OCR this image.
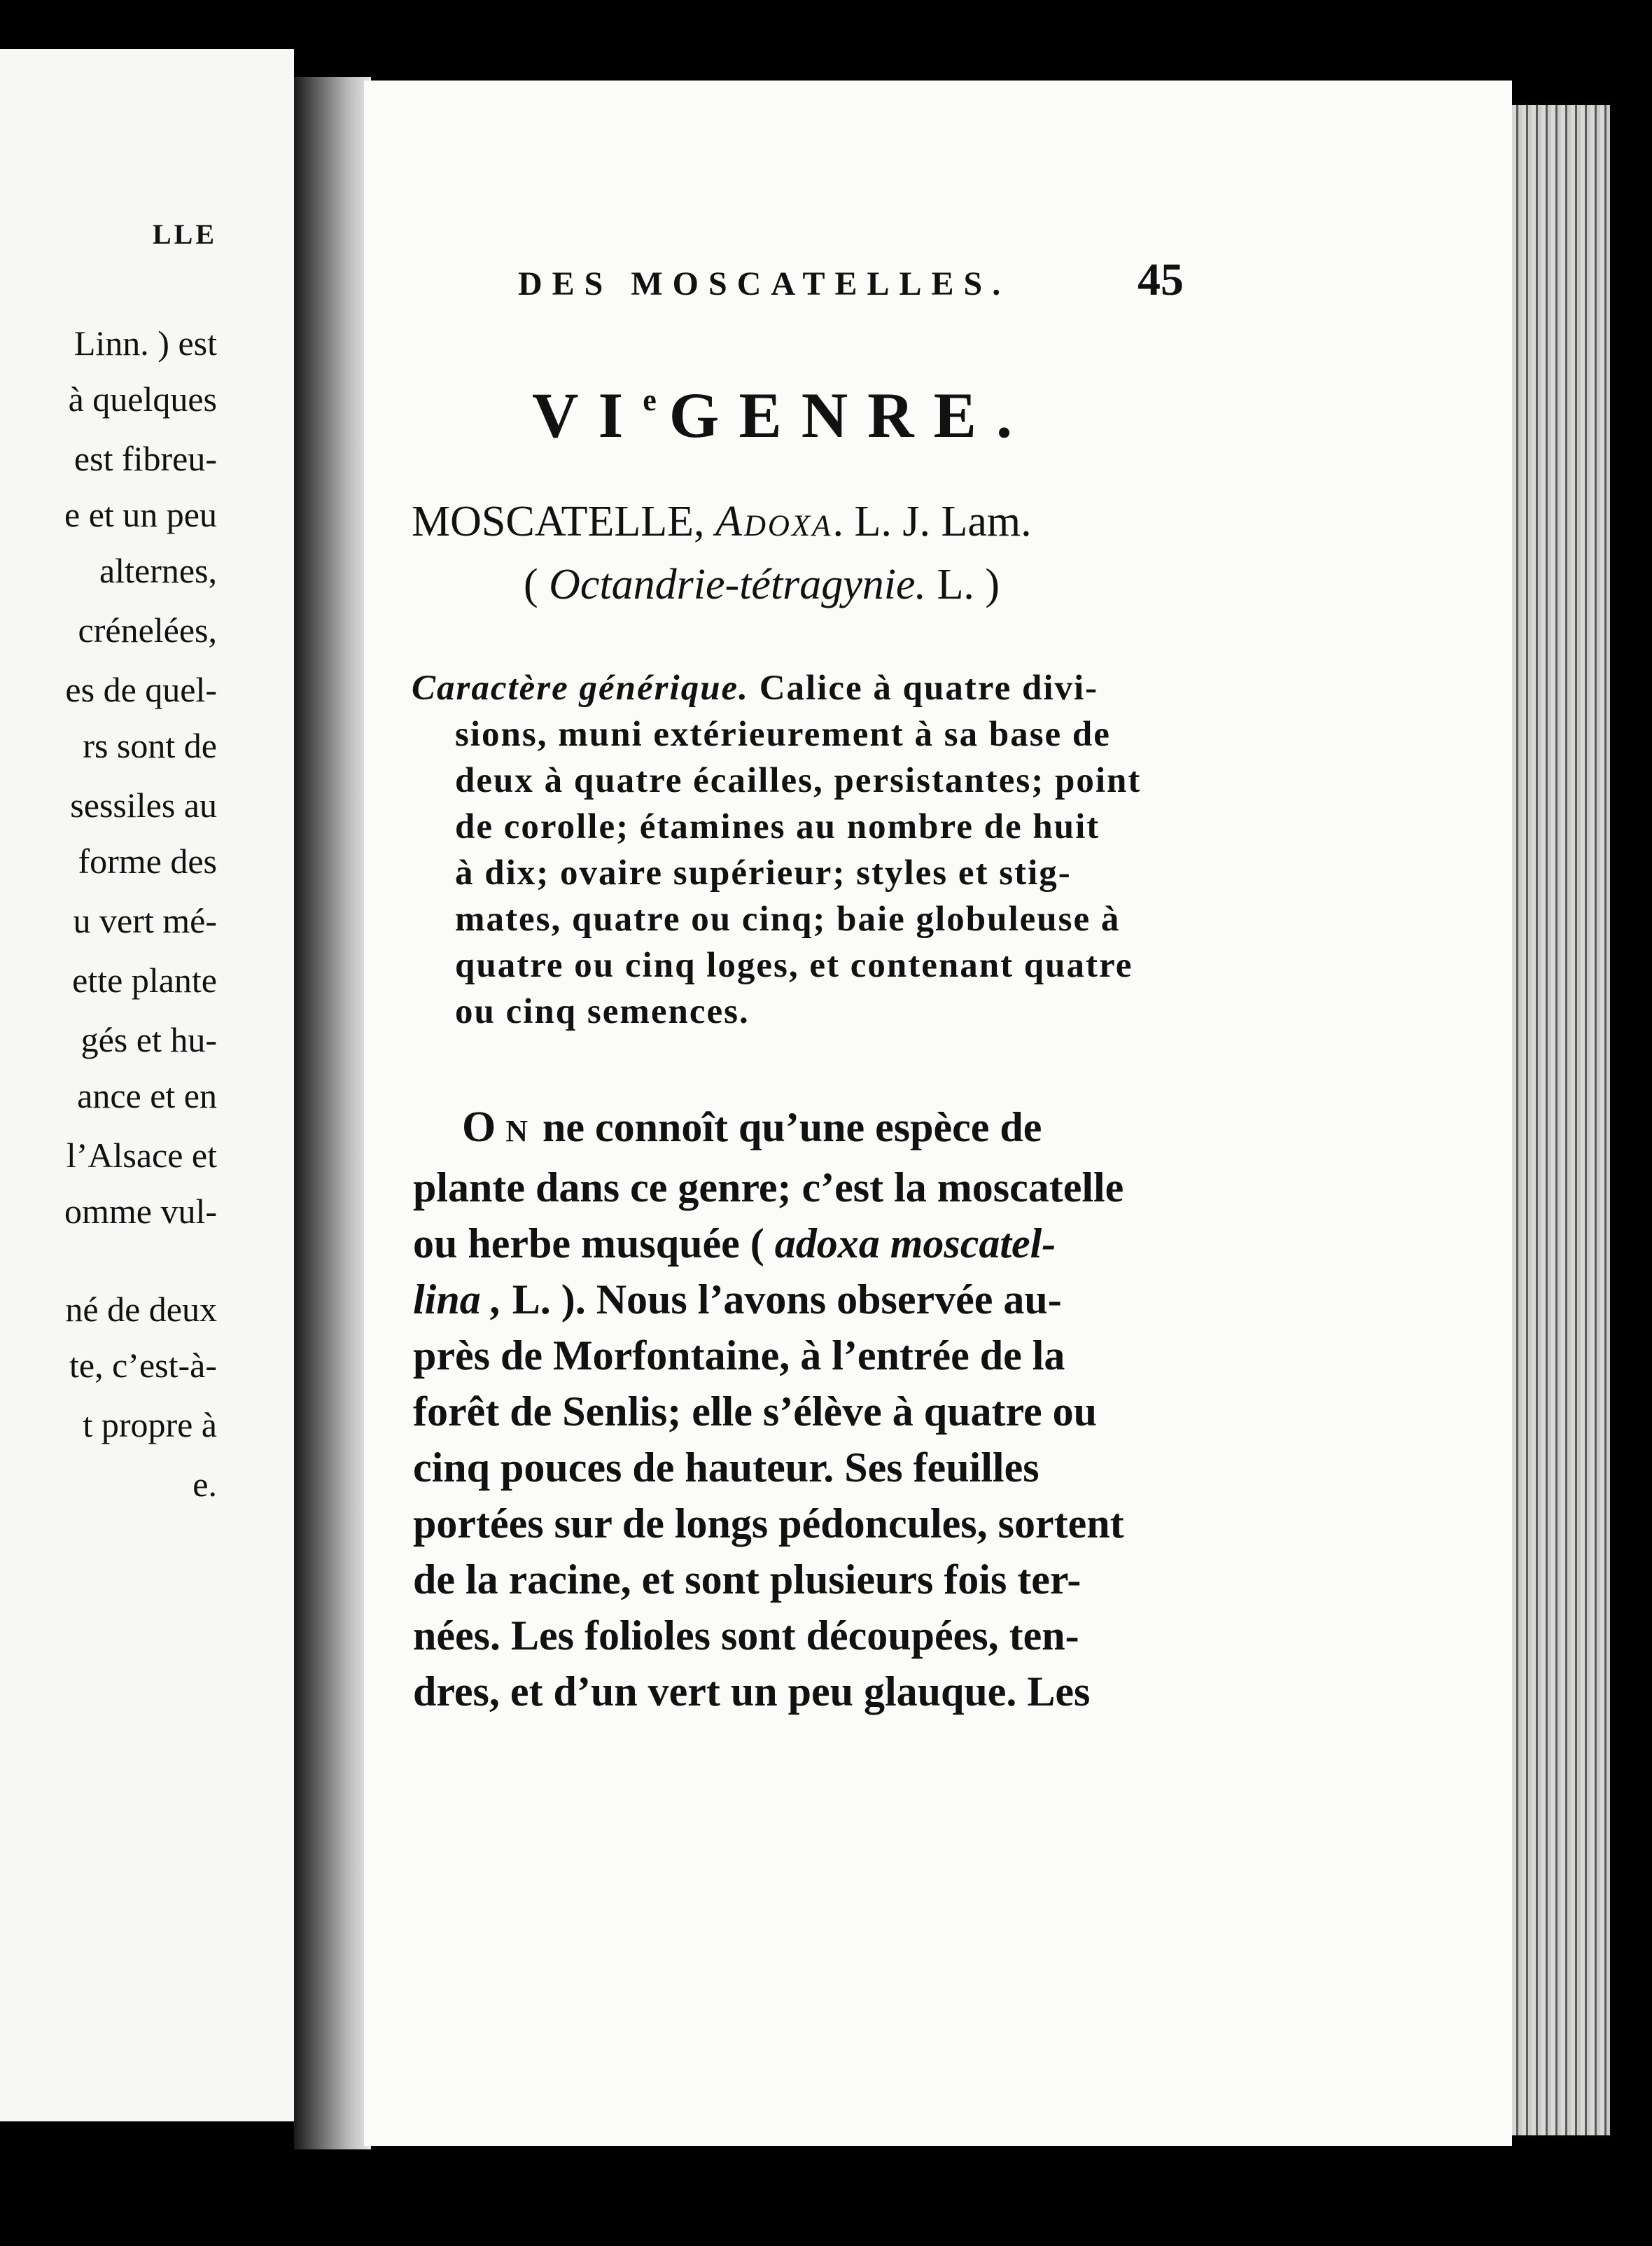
LLE
Linn. ) est
à quelques
est fibreu-
e et un peu
alternes,
crénelées,
es de quel-
rs sont de
sessiles au
forme des
u vert mé-
ette plante
gés et hu-
ance et en
l’Alsace et
omme vul-
né de deux
te, c’est-à-
t propre à
e.
DES MOSCATELLES.	45
VIe GENRE.
MOSCATELLE, Adoxa. L. J. Lam.
( Octandrie-tétragynie. L. )
Caractère générique. Calice à quatre divi-
sions, muni extérieurement à sa base de
deux à quatre écailles, persistantes; point
de corolle; étamines au nombre de huit
à dix; ovaire supérieur; styles et stig-
mates, quatre ou cinq; baie globuleuse à
quatre ou cinq loges, et contenant quatre
ou cinq semences.
ON ne connoît qu’une espèce de
plante dans ce genre; c’est la moscatelle
ou herbe musquée ( adoxa moscatel-
lina , L. ). Nous l’avons observée au-
près de Morfontaine, à l’entrée de la
forêt de Senlis; elle s’élève à quatre ou
cinq pouces de hauteur. Ses feuilles
portées sur de longs pédoncules, sortent
de la racine, et sont plusieurs fois ter-
nées. Les folioles sont découpées, ten-
dres, et d’un vert un peu glauque. Les
